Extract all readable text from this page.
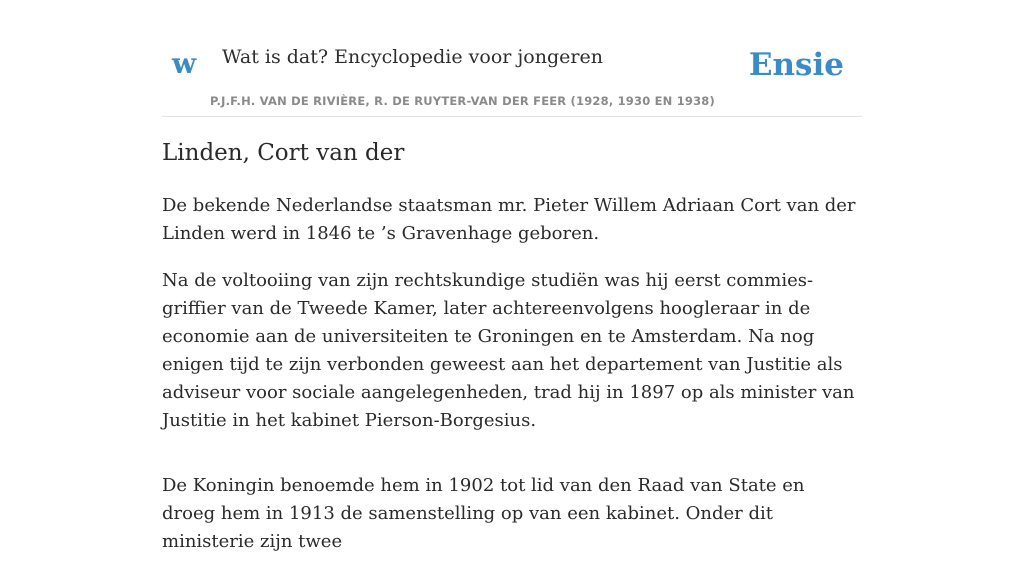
w Wat is dat? Encyclopedie voor jongeren
P.J.F.H. VAN DE RIVIÈRE, R. DE RUYTER-VAN DER FEER (1928, 1930 EN 1938)
Ensie
Linden, Cort van der

De bekende Nederlandse staatsman mr. Pieter Willem Adriaan Cort van der Linden werd in 1846 te ’s Gravenhage geboren.

Na de voltooiing van zijn rechtskundige studiën was hij eerst commies-griffier van de Tweede Kamer, later achtereenvolgens hoogleraar in de economie aan de universiteiten te Groningen en te Amsterdam. Na nog enigen tijd te zijn verbonden geweest aan het departement van Justitie als adviseur voor sociale aangelegenheden, trad hij in 1897 op als minister van Justitie in het kabinet Pierson-Borgesius.

De Koningin benoemde hem in 1902 tot lid van den Raad van State en droeg hem in 1913 de samenstelling op van een kabinet. Onder dit ministerie zijn twee
